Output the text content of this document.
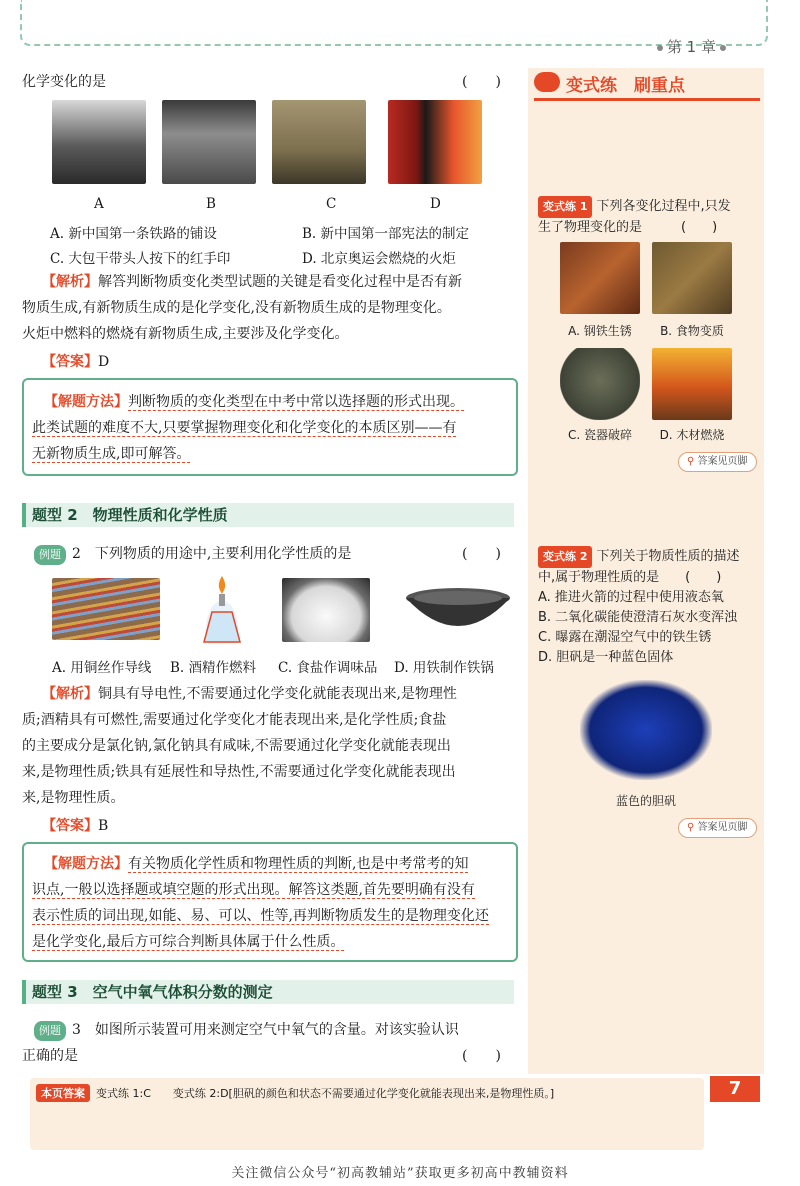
第 1 章
变式练　刷重点
变式练 1 下列各变化过程中,只发
生了物理变化的是　　　(　　)
A. 钢铁生锈	B. 食物变质
C. 瓷器破碎	D. 木材燃烧
⚲ 答案见页脚
变式练 2 下列关于物质性质的描述
中,属于物理性质的是　　(　　)
A. 推进火箭的过程中使用液态氧
B. 二氧化碳能使澄清石灰水变浑浊
C. 曝露在潮湿空气中的铁生锈
D. 胆矾是一种蓝色固体
蓝色的胆矾
⚲ 答案见页脚
化学变化的是	(　　)
A	B	C	D
A. 新中国第一条铁路的铺设	B. 新中国第一部宪法的制定
C. 大包干带头人按下的红手印	D. 北京奥运会燃烧的火炬
【解析】解答判断物质变化类型试题的关键是看变化过程中是否有新
物质生成,有新物质生成的是化学变化,没有新物质生成的是物理变化。
火炬中燃料的燃烧有新物质生成,主要涉及化学变化。
【答案】D
【解题方法】判断物质的变化类型在中考中常以选择题的形式出现。
此类试题的难度不大,只要掌握物理变化和化学变化的本质区别——有
无新物质生成,即可解答。
题型 2　物理性质和化学性质
例题 2　 下列物质的用途中,主要利用化学性质的是	(　　)
A. 用铜丝作导线 B. 酒精作燃料 C. 食盐作调味品 D. 用铁制作铁锅
【解析】铜具有导电性,不需要通过化学变化就能表现出来,是物理性
质;酒精具有可燃性,需要通过化学变化才能表现出来,是化学性质;食盐
的主要成分是氯化钠,氯化钠具有咸味,不需要通过化学变化就能表现出
来,是物理性质;铁具有延展性和导热性,不需要通过化学变化就能表现出
来,是物理性质。
【答案】B
【解题方法】有关物质化学性质和物理性质的判断,也是中考常考的知
识点,一般以选择题或填空题的形式出现。解答这类题,首先要明确有没有
表示性质的词出现,如能、易、可以、性等,再判断物质发生的是物理变化还
是化学变化,最后方可综合判断具体属于什么性质。
题型 3　空气中氧气体积分数的测定
例题 3　 如图所示装置可用来测定空气中氧气的含量。对该实验认识
正确的是	(　　)
本页答案 变式练 1:C　　变式练 2:D[胆矾的颜色和状态不需要通过化学变化就能表现出来,是物理性质。]	7
关注微信公众号“初高教辅站”获取更多初高中教辅资料
